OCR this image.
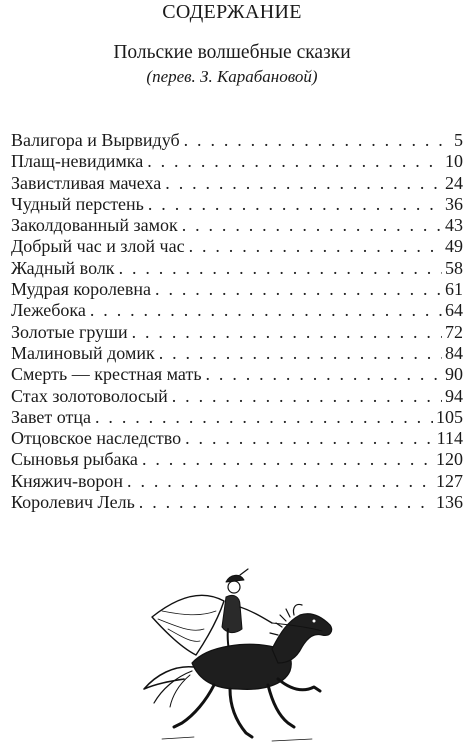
СОДЕРЖАНИЕ
Польские волшебные сказки
(перев. З. Карабановой)
Валигора и Вырвидуб . . .	5
Плащ-невидимка . . .	10
Завистливая мачеха . . .	24
Чудный перстень . . .	36
Заколдованный замок . . .	43
Добрый час и злой час . . .	49
Жадный волк . . .	58
Мудрая королевна . . .	61
Лежебока . . .	64
Золотые груши . . .	72
Малиновый домик . . .	84
Смерть — крестная мать . . .	90
Стах золотоволосый . . .	94
Завет отца . . .	105
Отцовское наследство . . .	114
Сыновья рыбака . . .	120
Княжич-ворон . . .	127
Королевич Лель . . .	136
